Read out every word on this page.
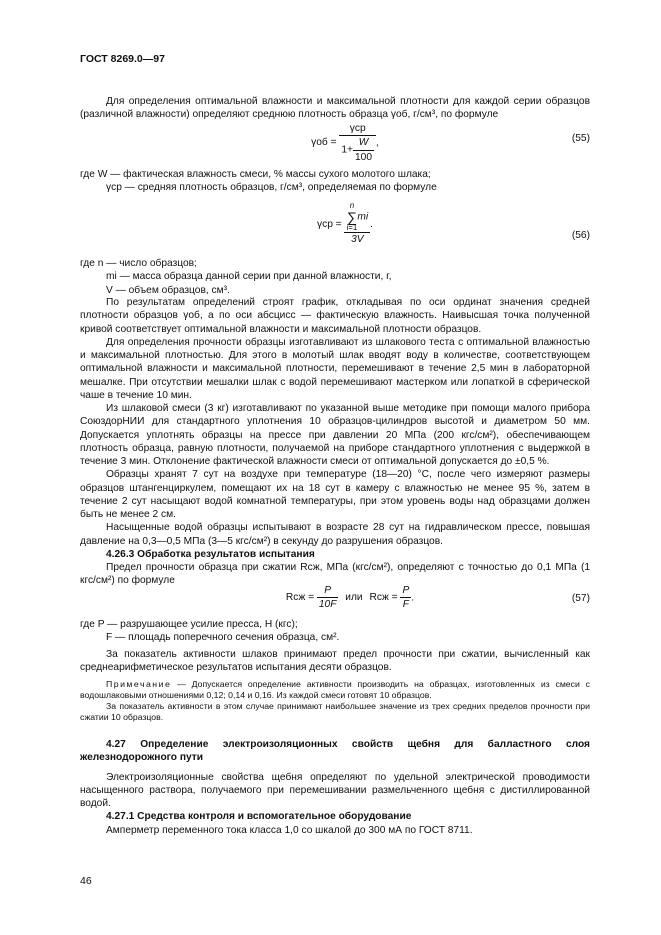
ГОСТ 8269.0—97

Для определения оптимальной влажности и максимальной плотности для каждой серии образцов (различной влажности) определяют среднюю плотность образца γоб, г/см³, по формуле

$\gamma об = \frac{\text{γср}}{1+ \frac{W}{100}}$ ,	(55)

где W — фактическая влажность смеси, % массы сухого молотого шлака;

γср — средняя плотность образцов, г/см³, определяемая по формуле

γср = n
∑
i=1
mi
3V .
(56)

где n — число образцов;

mi — масса образца данной серии при данной влажности, г,

V — объем образцов, см³.

По результатам определений строят график, откладывая по оси ординат значения средней плотности образцов γоб, а по оси абсцисс — фактическую влажность. Наивысшая точка полученной кривой соответствует оптимальной влажности и максимальной плотности образцов.

Для определения прочности образцы изготавливают из шлакового теста с оптимальной влажностью и максимальной плотностью. Для этого в молотый шлак вводят воду в количестве, соответствующем оптимальной влажности и максимальной плотности, перемешивают в течение 2,5 мин в лабораторной мешалке. При отсутствии мешалки шлак с водой перемешивают мастерком или лопаткой в сферической чаше в течение 10 мин.

Из шлаковой смеси (3 кг) изготавливают по указанной выше методике при помощи малого прибора СоюздорНИИ для стандартного уплотнения 10 образцов-цилиндров высотой и диаметром 50 мм. Допускается уплотнять образцы на прессе при давлении 20 МПа (200 кгс/см²), обеспечивающем плотность образца, равную плотности, получаемой на приборе стандартного уплотнения с выдержкой в течение 3 мин. Отклонение фактической влажности смеси от оптимальной допускается до ±0,5 %.

Образцы хранят 7 сут на воздухе при температуре (18—20) °С, после чего измеряют размеры образцов штангенциркулем, помещают их на 18 сут в камеру с влажностью не менее 95 %, затем в течение 2 сут насыщают водой комнатной температуры, при этом уровень воды над образцами должен быть не менее 2 см.

Насыщенные водой образцы испытывают в возрасте 28 сут на гидравлическом прессе, повышая давление на 0,3—0,5 МПа (3—5 кгс/см²) в секунду до разрушения образцов.

4.26.3 Обработка результатов испытания

Предел прочности образца при сжатии Rсж, МПа (кгс/см²), определяют с точностью до 0,1 МПа (1 кгс/см²) по формуле

Rсж = $\frac{P}{10F}$ или Rсж = $\frac{P}{F}$ .	(57)

где P — разрушающее усилие пресса, Н (кгс);

F — площадь поперечного сечения образца, см².

За показатель активности шлаков принимают предел прочности при сжатии, вычисленный как среднеарифметическое результатов испытания десяти образцов.

Примечание — Допускается определение активности производить на образцах, изготовленных из смеси с водошлаковыми отношениями 0,12; 0,14 и 0,16. Из каждой смеси готовят 10 образцов.

За показатель активности в этом случае принимают наибольшее значение из трех средних пределов прочности при сжатии 10 образцов.

4.27 Определение электроизоляционных свойств щебня для балластного слоя железнодорожного пути

Электроизоляционные свойства щебня определяют по удельной электрической проводимости насыщенного раствора, получаемого при перемешивании размельченного щебня с дистиллированной водой.

4.27.1 Средства контроля и вспомогательное оборудование

Амперметр переменного тока класса 1,0 со шкалой до 300 мА по ГОСТ 8711.

46
